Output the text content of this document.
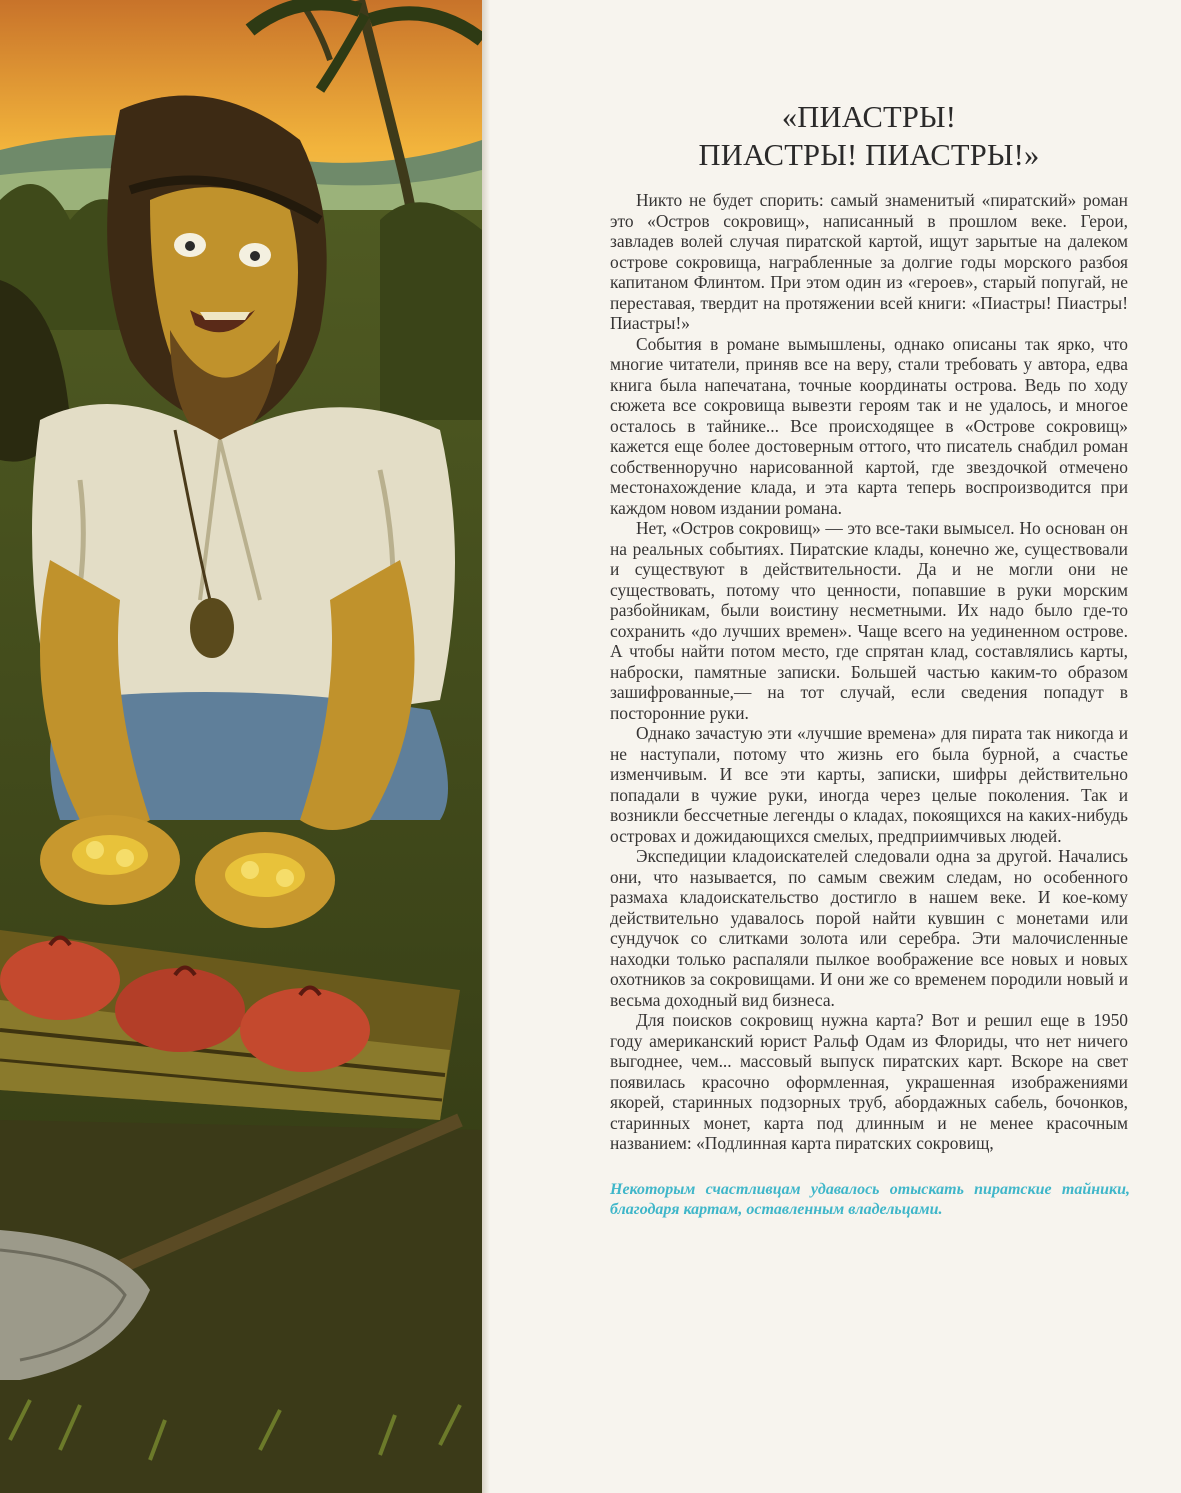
«ПИАСТРЫ!
ПИАСТРЫ! ПИАСТРЫ!»

Никто не будет спорить: самый знаменитый «пиратский» роман это «Остров сокровищ», написанный в прошлом веке. Герои, завладев волей случая пиратской картой, ищут зарытые на далеком острове сокровища, награбленные за долгие годы морского разбоя капитаном Флинтом. При этом один из «героев», старый попугай, не переставая, твердит на протяжении всей книги: «Пиастры! Пиастры! Пиастры!»

События в романе вымышлены, однако описаны так ярко, что многие читатели, приняв все на веру, стали требовать у автора, едва книга была напечатана, точные координаты острова. Ведь по ходу сюжета все сокровища вывезти героям так и не удалось, и многое осталось в тайнике... Все происходящее в «Острове сокровищ» кажется еще более достоверным оттого, что писатель снабдил роман собственноручно нарисованной картой, где звездочкой отмечено местонахождение клада, и эта карта теперь воспроизводится при каждом новом издании романа.

Нет, «Остров сокровищ» — это все-таки вымысел. Но основан он на реальных событиях. Пиратские клады, конечно же, существовали и существуют в действительности. Да и не могли они не существовать, потому что ценности, попавшие в руки морским разбойникам, были воистину несметными. Их надо было где-то сохранить «до лучших времен». Чаще всего на уединенном острове. А чтобы найти потом место, где спрятан клад, составлялись карты, наброски, памятные записки. Большей частью каким-то образом зашифрованные,— на тот случай, если сведения попадут в посторонние руки.

Однако зачастую эти «лучшие времена» для пирата так никогда и не наступали, потому что жизнь его была бурной, а счастье изменчивым. И все эти карты, записки, шифры действительно попадали в чужие руки, иногда через целые поколения. Так и возникли бессчетные легенды о кладах, покоящихся на каких-нибудь островах и дожидающихся смелых, предприимчивых людей.

Экспедиции кладоискателей следовали одна за другой. Начались они, что называется, по самым свежим следам, но особенного размаха кладоискательство достигло в нашем веке. И кое-кому действительно удавалось порой найти кувшин с монетами или сундучок со слитками золота или серебра. Эти малочисленные находки только распаляли пылкое воображение все новых и новых охотников за сокровищами. И они же со временем породили новый и весьма доходный вид бизнеса.

Для поисков сокровищ нужна карта? Вот и решил еще в 1950 году американский юрист Ральф Одам из Флориды, что нет ничего выгоднее, чем... массовый выпуск пиратских карт. Вскоре на свет появилась красочно оформленная, украшенная изображениями якорей, старинных подзорных труб, абордажных сабель, бочонков, старинных монет, карта под длинным и не менее красочным названием: «Подлинная карта пиратских сокровищ,

Некоторым счастливцам удавалось отыскать пиратские тайники, благодаря картам, оставленным владельцами.
